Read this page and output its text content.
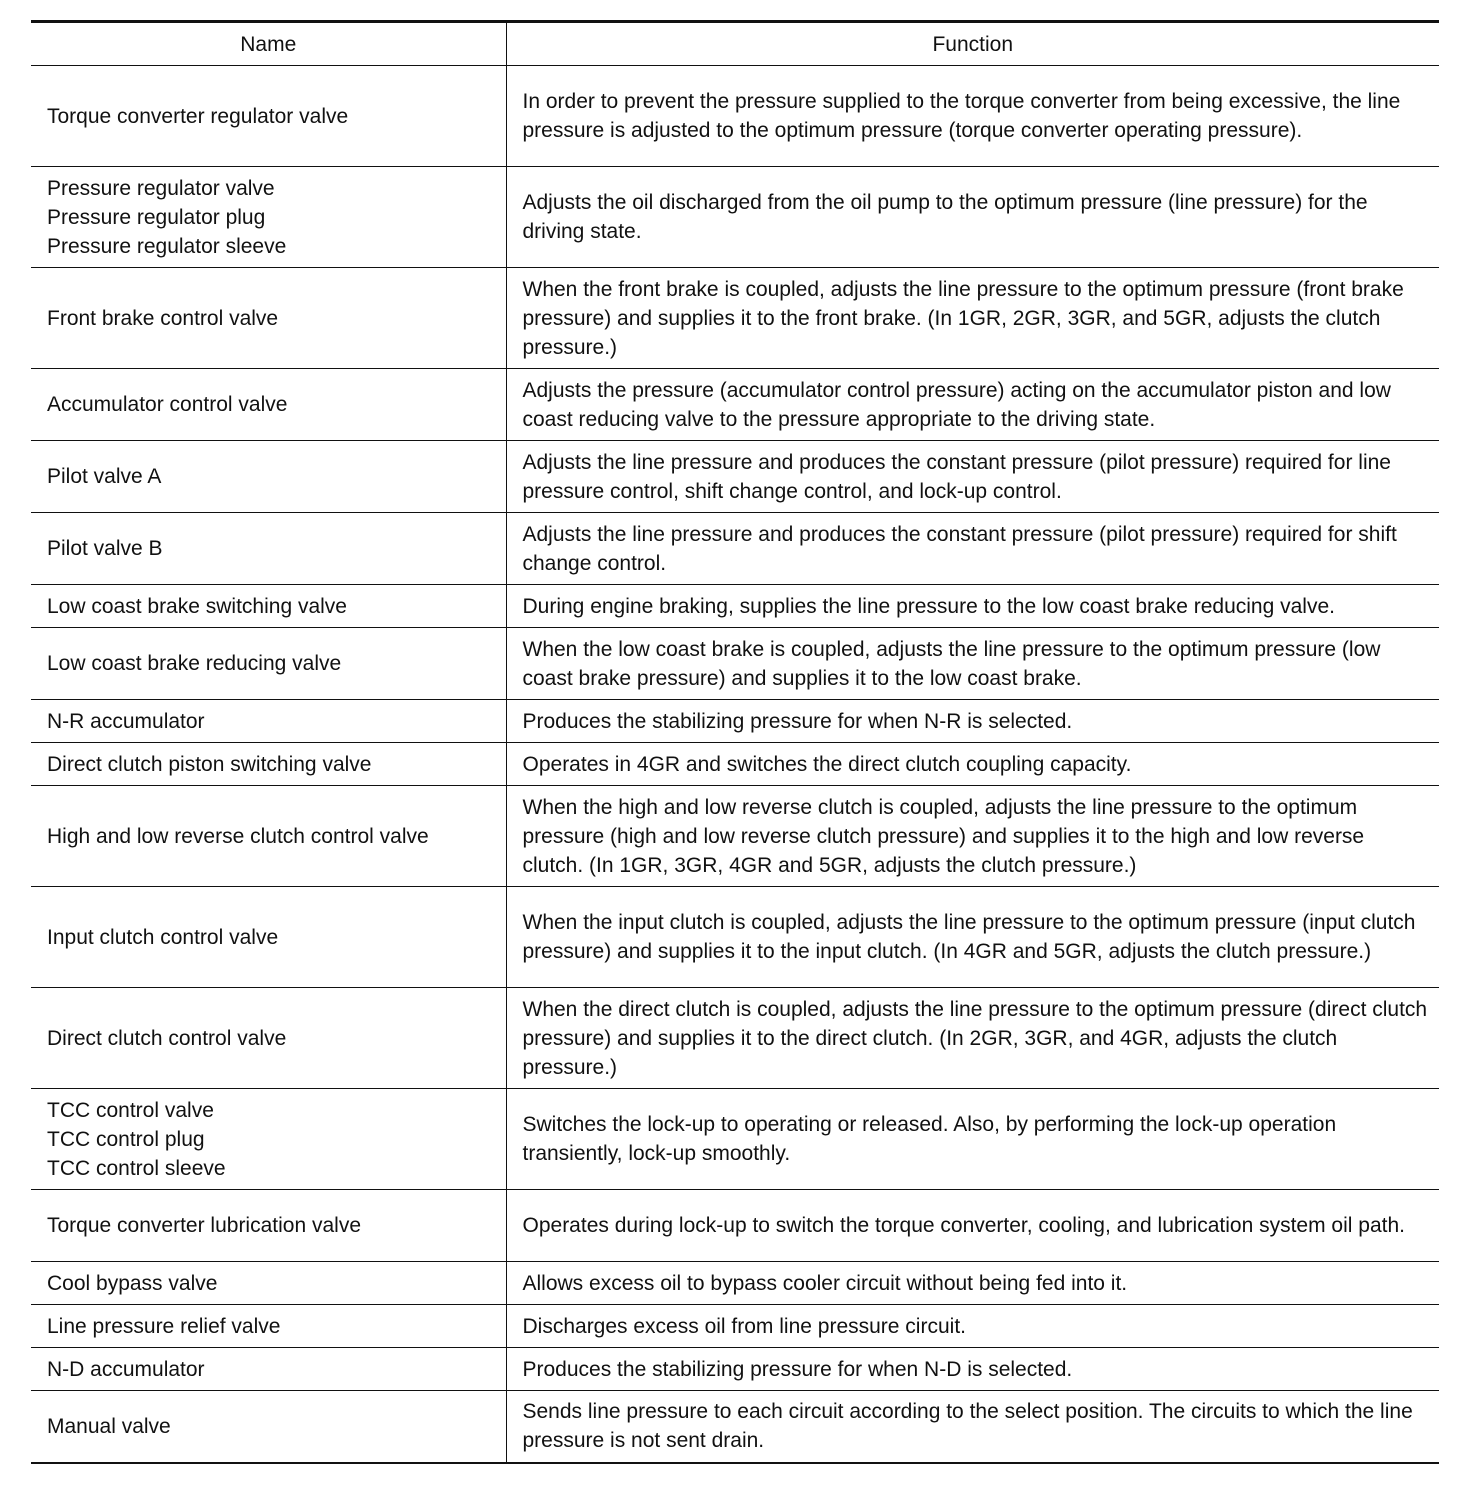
Name	Function

Torque converter regulator valve	In order to prevent the pressure supplied to the torque converter from being excessive, the line pressure is adjusted to the optimum pressure (torque converter operating pressure).

Pressure regulator valve
Pressure regulator plug
Pressure regulator sleeve	Adjusts the oil discharged from the oil pump to the optimum pressure (line pressure) for the driving state.

Front brake control valve	When the front brake is coupled, adjusts the line pressure to the optimum pressure (front brake pressure) and supplies it to the front brake. (In 1GR, 2GR, 3GR, and 5GR, adjusts the clutch pressure.)

Accumulator control valve	Adjusts the pressure (accumulator control pressure) acting on the accumulator piston and low coast reducing valve to the pressure appropriate to the driving state.

Pilot valve A	Adjusts the line pressure and produces the constant pressure (pilot pressure) required for line pressure control, shift change control, and lock-up control.

Pilot valve B	Adjusts the line pressure and produces the constant pressure (pilot pressure) required for shift change control.

Low coast brake switching valve	During engine braking, supplies the line pressure to the low coast brake reducing valve.

Low coast brake reducing valve	When the low coast brake is coupled, adjusts the line pressure to the optimum pressure (low coast brake pressure) and supplies it to the low coast brake.

N-R accumulator	Produces the stabilizing pressure for when N-R is selected.

Direct clutch piston switching valve	Operates in 4GR and switches the direct clutch coupling capacity.

High and low reverse clutch control valve	When the high and low reverse clutch is coupled, adjusts the line pressure to the optimum pressure (high and low reverse clutch pressure) and supplies it to the high and low reverse clutch. (In 1GR, 3GR, 4GR and 5GR, adjusts the clutch pressure.)

Input clutch control valve	When the input clutch is coupled, adjusts the line pressure to the optimum pressure (input clutch pressure) and supplies it to the input clutch. (In 4GR and 5GR, adjusts the clutch pressure.)

Direct clutch control valve	When the direct clutch is coupled, adjusts the line pressure to the optimum pressure (direct clutch pressure) and supplies it to the direct clutch. (In 2GR, 3GR, and 4GR, adjusts the clutch pressure.)

TCC control valve
TCC control plug
TCC control sleeve	Switches the lock-up to operating or released. Also, by performing the lock-up operation transiently, lock-up smoothly.

Torque converter lubrication valve	Operates during lock-up to switch the torque converter, cooling, and lubrication system oil path.

Cool bypass valve	Allows excess oil to bypass cooler circuit without being fed into it.

Line pressure relief valve	Discharges excess oil from line pressure circuit.

N-D accumulator	Produces the stabilizing pressure for when N-D is selected.

Manual valve	Sends line pressure to each circuit according to the select position. The circuits to which the line pressure is not sent drain.
